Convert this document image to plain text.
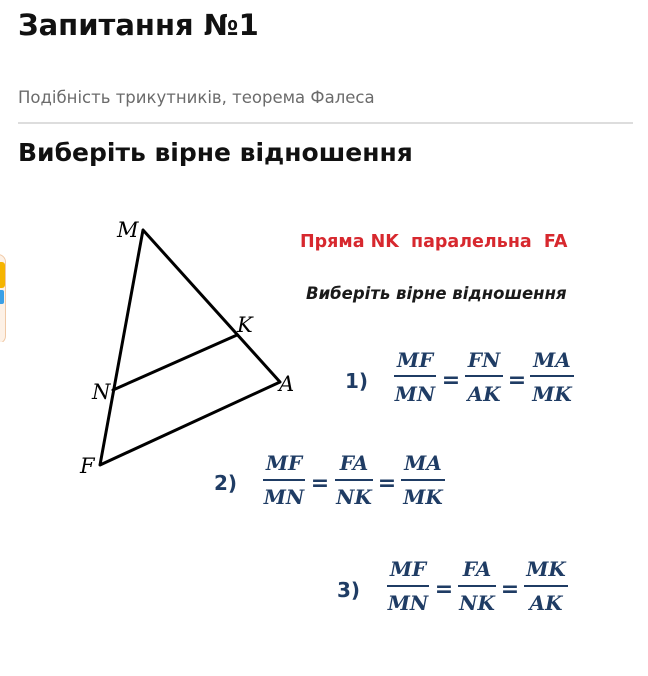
Запитання №1
Подібність трикутників, теорема Фалеса
Виберіть вірне відношення
M
K
N	A
F
Пряма NK  паралельна  FA
Виберіть вірне відношення
1)
MF
MN
=
FN
AK
=
MA
MK
2)
MF
MN
=
FA
NK
=
MA
MK
3)
MF
MN
=
FA
NK
=
MK
AK
